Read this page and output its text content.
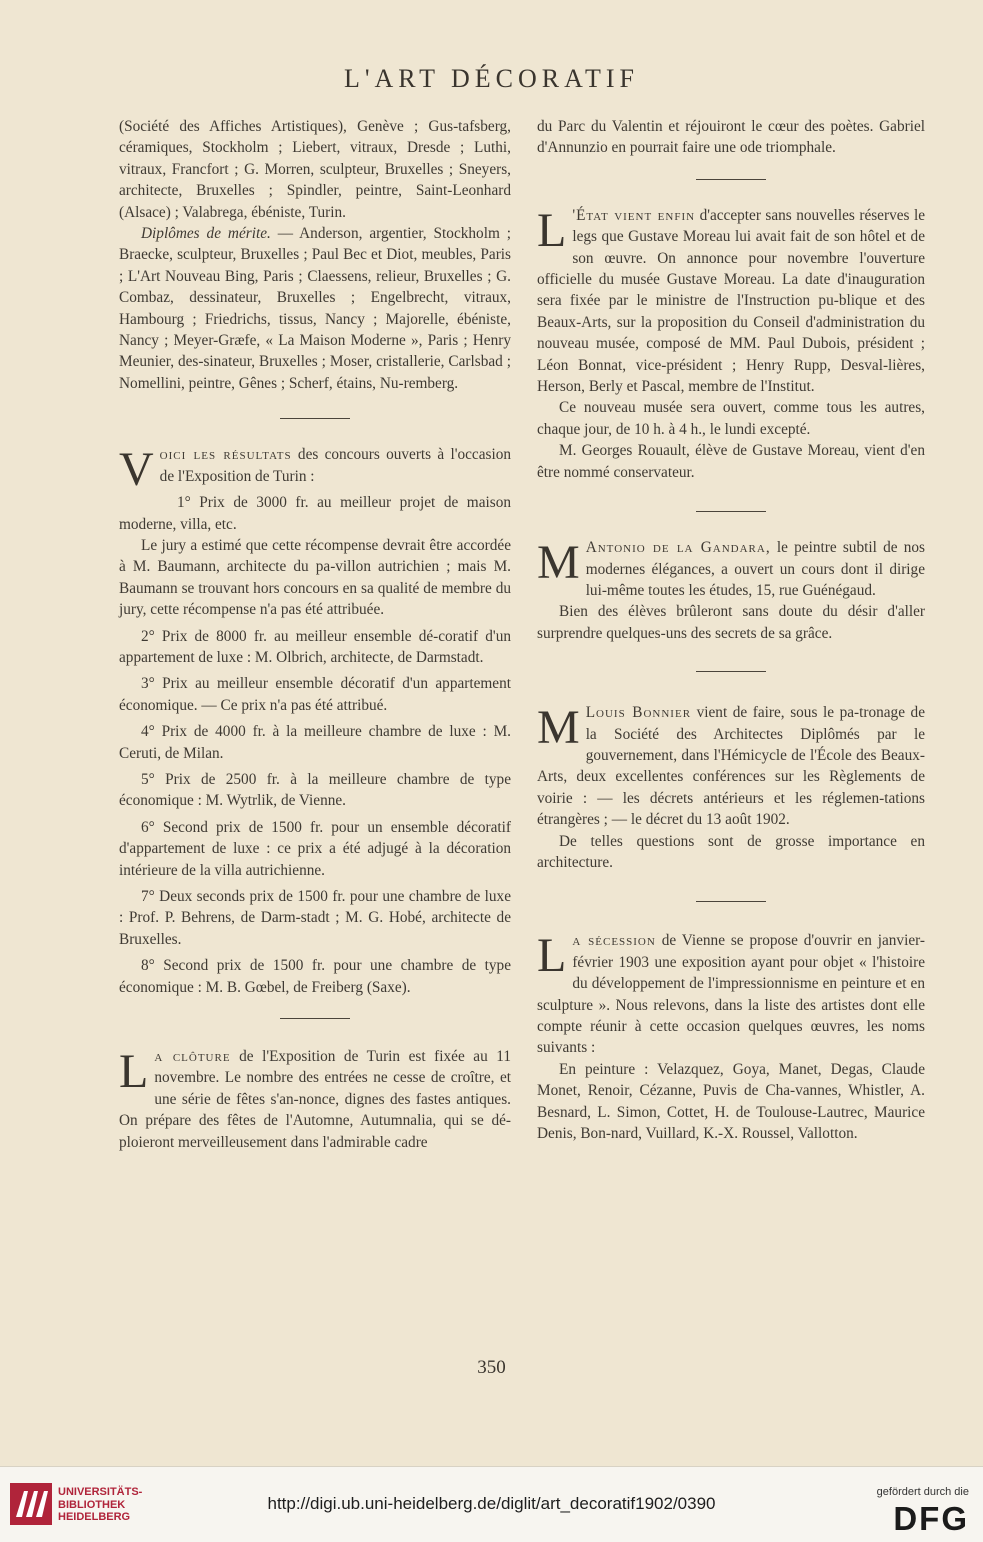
L'ART DÉCORATIF

(Société des Affiches Artistiques), Genève ; Gus-tafsberg, céramiques, Stockholm ; Liebert, vitraux, Dresde ; Luthi, vitraux, Francfort ; G. Morren, sculpteur, Bruxelles ; Sneyers, architecte, Bruxelles ; Spindler, peintre, Saint-Leonhard (Alsace) ; Valabrega, ébéniste, Turin.

Diplômes de mérite. — Anderson, argentier, Stockholm ; Braecke, sculpteur, Bruxelles ; Paul Bec et Diot, meubles, Paris ; L'Art Nouveau Bing, Paris ; Claessens, relieur, Bruxelles ; G. Combaz, dessinateur, Bruxelles ; Engelbrecht, vitraux, Hambourg ; Friedrichs, tissus, Nancy ; Majorelle, ébéniste, Nancy ; Meyer-Græfe, « La Maison Moderne », Paris ; Henry Meunier, des-sinateur, Bruxelles ; Moser, cristallerie, Carlsbad ; Nomellini, peintre, Gênes ; Scherf, étains, Nu-remberg.

Voici les résultats des concours ouverts à l'occasion de l'Exposition de Turin :

1° Prix de 3000 fr. au meilleur projet de maison moderne, villa, etc.

Le jury a estimé que cette récompense devrait être accordée à M. Baumann, architecte du pa-villon autrichien ; mais M. Baumann se trouvant hors concours en sa qualité de membre du jury, cette récompense n'a pas été attribuée.

2° Prix de 8000 fr. au meilleur ensemble dé-coratif d'un appartement de luxe : M. Olbrich, architecte, de Darmstadt.

3° Prix au meilleur ensemble décoratif d'un appartement économique. — Ce prix n'a pas été attribué.

4° Prix de 4000 fr. à la meilleure chambre de luxe : M. Ceruti, de Milan.

5° Prix de 2500 fr. à la meilleure chambre de type économique : M. Wytrlik, de Vienne.

6° Second prix de 1500 fr. pour un ensemble décoratif d'appartement de luxe : ce prix a été adjugé à la décoration intérieure de la villa autrichienne.

7° Deux seconds prix de 1500 fr. pour une chambre de luxe : Prof. P. Behrens, de Darm-stadt ; M. G. Hobé, architecte de Bruxelles.

8° Second prix de 1500 fr. pour une chambre de type économique : M. B. Gœbel, de Freiberg (Saxe).

La clôture de l'Exposition de Turin est fixée au 11 novembre. Le nombre des entrées ne cesse de croître, et une série de fêtes s'an-nonce, dignes des fastes antiques. On prépare des fêtes de l'Automne, Autumnalia, qui se dé-ploieront merveilleusement dans l'admirable cadre

du Parc du Valentin et réjouiront le cœur des poètes. Gabriel d'Annunzio en pourrait faire une ode triomphale.

L 'État vient enfin d'accepter sans nouvelles réserves le legs que Gustave Moreau lui avait fait de son hôtel et de son œuvre. On annonce pour novembre l'ouverture officielle du musée Gustave Moreau. La date d'inauguration sera fixée par le ministre de l'Instruction pu-blique et des Beaux-Arts, sur la proposition du Conseil d'administration du nouveau musée, composé de MM. Paul Dubois, président ; Léon Bonnat, vice-président ; Henry Rupp, Desval-lières, Herson, Berly et Pascal, membre de l'Institut.

Ce nouveau musée sera ouvert, comme tous les autres, chaque jour, de 10 h. à 4 h., le lundi excepté.

M. Georges Rouault, élève de Gustave Moreau, vient d'en être nommé conservateur.

M Antonio de la Gandara, le peintre subtil de nos modernes élégances, a ouvert un cours dont il dirige lui-même toutes les études, 15, rue Guénégaud.

Bien des élèves brûleront sans doute du désir d'aller surprendre quelques-uns des secrets de sa grâce.

M Louis Bonnier vient de faire, sous le pa-tronage de la Société des Architectes Diplômés par le gouvernement, dans l'Hémicycle de l'École des Beaux-Arts, deux excellentes conférences sur les Règlements de voirie : — les décrets antérieurs et les réglemen-tations étrangères ; — le décret du 13 août 1902.

De telles questions sont de grosse importance en architecture.

La sécession de Vienne se propose d'ouvrir en janvier-février 1903 une exposition ayant pour objet « l'histoire du développement de l'impressionnisme en peinture et en sculpture ». Nous relevons, dans la liste des artistes dont elle compte réunir à cette occasion quelques œuvres, les noms suivants :

En peinture : Velazquez, Goya, Manet, Degas, Claude Monet, Renoir, Cézanne, Puvis de Cha-vannes, Whistler, A. Besnard, L. Simon, Cottet, H. de Toulouse-Lautrec, Maurice Denis, Bon-nard, Vuillard, K.-X. Roussel, Vallotton.

350
UNIVERSITÄTS-
BIBLIOTHEK
HEIDELBERG
http://digi.ub.uni-heidelberg.de/diglit/art_decoratif1902/0390
gefördert durch die
DFG
